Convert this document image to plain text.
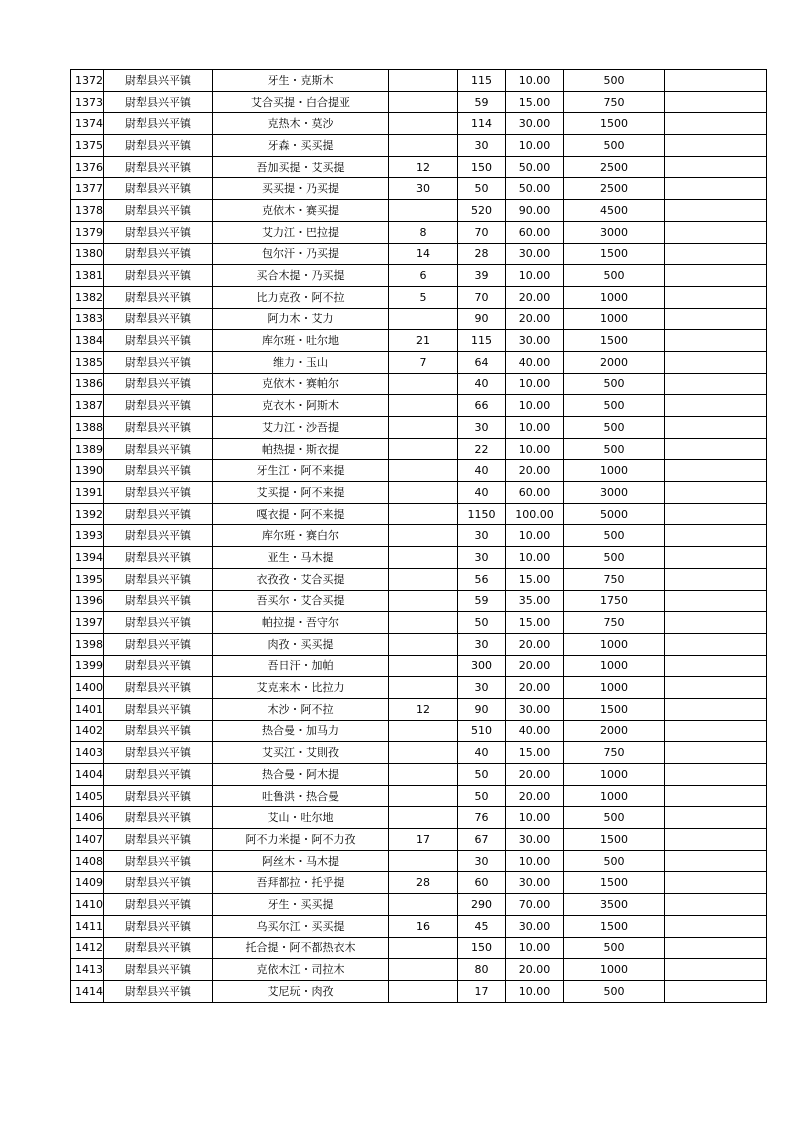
1372	尉犁县兴平镇	牙生・克斯木		115	10.00	500	
1373	尉犁县兴平镇	艾合买提・白合提亚		59	15.00	750	
1374	尉犁县兴平镇	克热木・莫沙		114	30.00	1500	
1375	尉犁县兴平镇	牙森・买买提		30	10.00	500	
1376	尉犁县兴平镇	吾加买提・艾买提	12	150	50.00	2500	
1377	尉犁县兴平镇	买买提・乃买提	30	50	50.00	2500	
1378	尉犁县兴平镇	克依木・赛买提		520	90.00	4500	
1379	尉犁县兴平镇	艾力江・巴拉提	8	70	60.00	3000	
1380	尉犁县兴平镇	包尔汗・乃买提	14	28	30.00	1500	
1381	尉犁县兴平镇	买合木提・乃买提	6	39	10.00	500	
1382	尉犁县兴平镇	比力克孜・阿不拉	5	70	20.00	1000	
1383	尉犁县兴平镇	阿力木・艾力		90	20.00	1000	
1384	尉犁县兴平镇	库尔班・吐尔地	21	115	30.00	1500	
1385	尉犁县兴平镇	维力・玉山	7	64	40.00	2000	
1386	尉犁县兴平镇	克依木・赛帕尔		40	10.00	500	
1387	尉犁县兴平镇	克衣木・阿斯木		66	10.00	500	
1388	尉犁县兴平镇	艾力江・沙吾提		30	10.00	500	
1389	尉犁县兴平镇	帕热提・斯衣提		22	10.00	500	
1390	尉犁县兴平镇	牙生江・阿不来提		40	20.00	1000	
1391	尉犁县兴平镇	艾买提・阿不来提		40	60.00	3000	
1392	尉犁县兴平镇	嘎衣提・阿不来提		1150	100.00	5000	
1393	尉犁县兴平镇	库尔班・赛白尔		30	10.00	500	
1394	尉犁县兴平镇	亚生・马木提		30	10.00	500	
1395	尉犁县兴平镇	衣孜孜・艾合买提		56	15.00	750	
1396	尉犁县兴平镇	吾买尔・艾合买提		59	35.00	1750	
1397	尉犁县兴平镇	帕拉提・吾守尔		50	15.00	750	
1398	尉犁县兴平镇	肉孜・买买提		30	20.00	1000	
1399	尉犁县兴平镇	吾日汗・加帕		300	20.00	1000	
1400	尉犁县兴平镇	艾克来木・比拉力		30	20.00	1000	
1401	尉犁县兴平镇	木沙・阿不拉	12	90	30.00	1500	
1402	尉犁县兴平镇	热合曼・加马力		510	40.00	2000	
1403	尉犁县兴平镇	艾买江・艾則孜		40	15.00	750	
1404	尉犁县兴平镇	热合曼・阿木提		50	20.00	1000	
1405	尉犁县兴平镇	吐鲁洪・热合曼		50	20.00	1000	
1406	尉犁县兴平镇	艾山・吐尔地		76	10.00	500	
1407	尉犁县兴平镇	阿不力米提・阿不力孜	17	67	30.00	1500	
1408	尉犁县兴平镇	阿丝木・马木提		30	10.00	500	
1409	尉犁县兴平镇	吾拜都拉・托乎提	28	60	30.00	1500	
1410	尉犁县兴平镇	牙生・买买提		290	70.00	3500	
1411	尉犁县兴平镇	乌买尔江・买买提	16	45	30.00	1500	
1412	尉犁县兴平镇	托合提・阿不都热衣木		150	10.00	500	
1413	尉犁县兴平镇	克依木江・司拉木		80	20.00	1000	
1414	尉犁县兴平镇	艾尼玩・肉孜		17	10.00	500	
